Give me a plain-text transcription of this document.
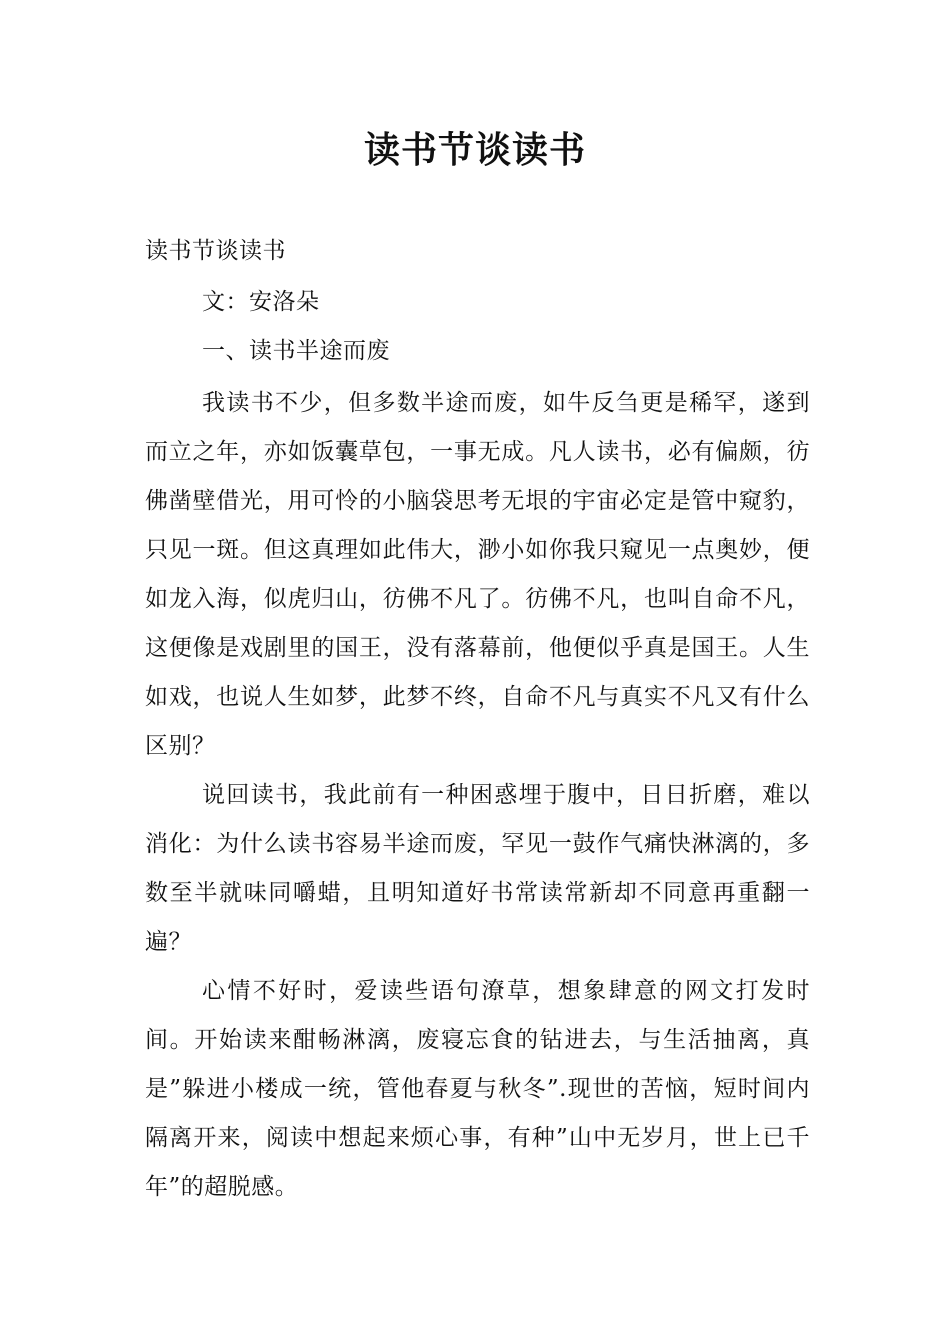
读书节谈读书

读书节谈读书

文：安洛朵

一、读书半途而废

我读书不少，但多数半途而废，如牛反刍更是稀罕，遂到而立之年，亦如饭囊草包，一事无成。凡人读书，必有偏颇，彷佛凿壁借光，用可怜的小脑袋思考无垠的宇宙必定是管中窥豹，只见一斑。但这真理如此伟大，渺小如你我只窥见一点奥妙，便如龙入海，似虎归山，彷佛不凡了。彷佛不凡，也叫自命不凡，这便像是戏剧里的国王，没有落幕前，他便似乎真是国王。人生如戏，也说人生如梦，此梦不终，自命不凡与真实不凡又有什么区别？

说回读书，我此前有一种困惑埋于腹中，日日折磨，难以消化：为什么读书容易半途而废，罕见一鼓作气痛快淋漓的，多数至半就味同嚼蜡，且明知道好书常读常新却不同意再重翻一遍？

心情不好时，爱读些语句潦草，想象肆意的网文打发时间。开始读来酣畅淋漓，废寝忘食的钻进去，与生活抽离，真是”躲进小楼成一统，管他春夏与秋冬”.现世的苦恼，短时间内隔离开来，阅读中想起来烦心事，有种”山中无岁月，世上已千年”的超脱感。
